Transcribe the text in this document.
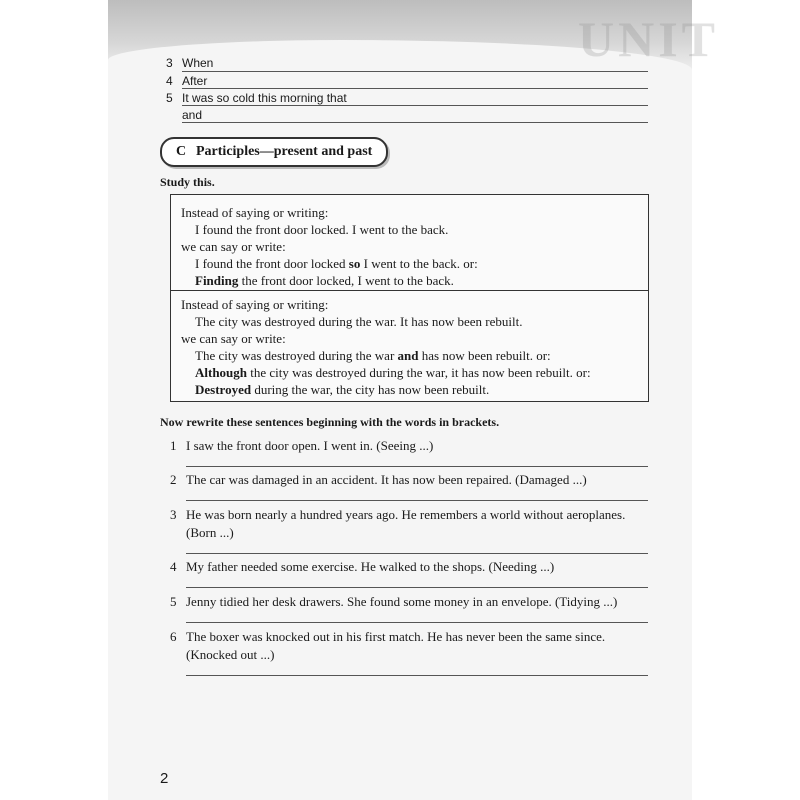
UNIT
3 When
4 After
5 It was so cold this morning that
and
C Participles—present and past
Study this.
Instead of saying or writing:
I found the front door locked. I went to the back.
we can say or write:
I found the front door locked so I went to the back. or:
Finding the front door locked, I went to the back.
Instead of saying or writing:
The city was destroyed during the war. It has now been rebuilt.
we can say or write:
The city was destroyed during the war and has now been rebuilt. or:
Although the city was destroyed during the war, it has now been rebuilt. or:
Destroyed during the war, the city has now been rebuilt.
Now rewrite these sentences beginning with the words in brackets.
1 I saw the front door open. I went in. (Seeing ...)
2 The car was damaged in an accident. It has now been repaired. (Damaged ...)
3 He was born nearly a hundred years ago. He remembers a world without aeroplanes.
(Born ...)
4 My father needed some exercise. He walked to the shops. (Needing ...)
5 Jenny tidied her desk drawers. She found some money in an envelope. (Tidying ...)
6 The boxer was knocked out in his first match. He has never been the same since.
(Knocked out ...)
2
